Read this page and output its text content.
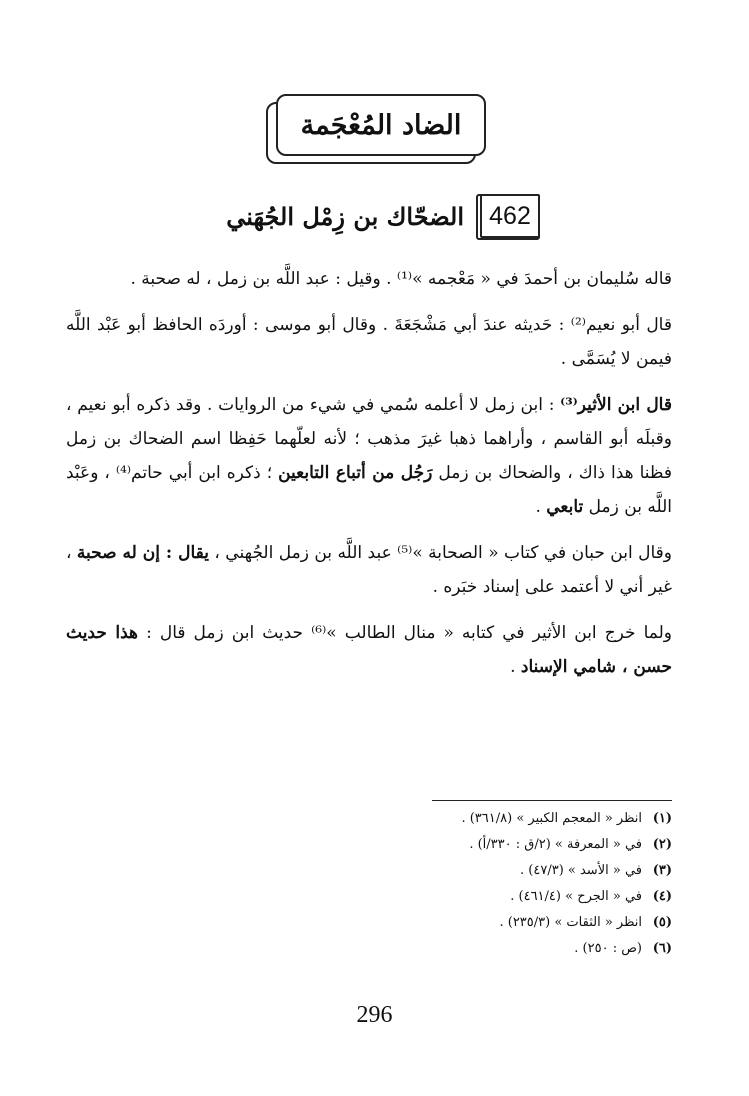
الضاد المُعْجَمة
462
الضحّاك بن زِمْل الجُهَني

قاله سُليمان بن أحمدَ في « مَعْجمه »⁽¹⁾ . وقيل : عبد اللَّه بن زمل ، له صحبة .

قال أبو نعيم⁽²⁾ : حَديثه عندَ أبي مَشْجَعَةَ . وقال أبو موسى : أوردَه الحافظ أبو عَبْد اللَّه فيمن لا يُسَمَّى .

قال ابن الأثير⁽³⁾ : ابن زمل لا أعلمه سُمي في شيء من الروايات . وقد ذكره أبو نعيم ، وقبلَه أبو القاسم ، وأراهما ذهبا غيرَ مذهب ؛ لأنه لعلّهما حَفِظا اسم الضحاك بن زمل فظنا هذا ذاك ، والضحاك بن زمل رَجُل من أتباع التابعين ؛ ذكره ابن أبي حاتم⁽⁴⁾ ، وعَبْد اللَّه بن زمل تابعي .

وقال ابن حبان في كتاب « الصحابة »⁽⁵⁾ عبد اللَّه بن زمل الجُهني ، يقال : إن له صحبة ، غير أني لا أعتمد على إسناد خبَره .

ولما خرج ابن الأثير في كتابه « منال الطالب »⁽⁶⁾ حديث ابن زمل قال : هذا حديث حسن ، شامي الإسناد .

(١)
انظر « المعجم الكبير » (٣٦١/٨) .
(٢)
في « المعرفة » (٢/ق : ٣٣٠/أ) .
(٣)
في « الأسد » (٤٧/٣) .
(٤)
في « الجرح » (٤٦١/٤) .
(٥)
انظر « الثقات » (٢٣٥/٣) .
(٦)
(ص : ٢٥٠) .
296
